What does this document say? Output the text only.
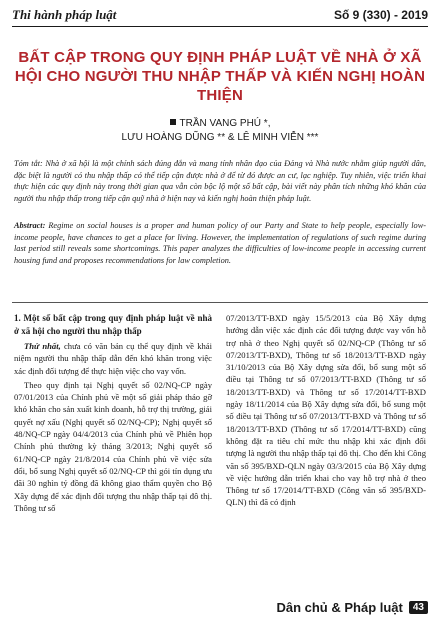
Thi hành pháp luật	Số 9 (330) - 2019
BẤT CẬP TRONG QUY ĐỊNH PHÁP LUẬT VỀ NHÀ Ở XÃ HỘI CHO NGƯỜI THU NHẬP THẤP VÀ KIẾN NGHỊ HOÀN THIỆN
TRẦN VANG PHÚ *,
LƯU HOÀNG DŨNG ** & LÊ MINH VIỄN ***
Tóm tắt: Nhà ở xã hội là một chính sách đúng đắn và mang tính nhân đạo của Đảng và Nhà nước nhằm giúp người dân, đặc biệt là người có thu nhập thấp có thể tiếp cận được nhà ở để từ đó được an cư, lạc nghiệp. Tuy nhiên, việc triển khai thực hiện các quy định này trong thời gian qua vẫn còn bộc lộ một số bất cập, bài viết này phân tích những khó khăn của người thu nhập thấp trong tiếp cận quỹ nhà ở hiện nay và kiến nghị hoàn thiện pháp luật.
Abstract: Regime on social houses is a proper and human policy of our Party and State to help people, especially low-income people, have chances to get a place for living. However, the implementation of regulations of such regime during last period still reveals some shortcomings. This paper analyzes the difficulties of low-income people in accessing current housing fund and proposes recommendations for law completion.
1. Một số bất cập trong quy định pháp luật về nhà ở xã hội cho người thu nhập thấp

Thứ nhất, chưa có văn bản cụ thể quy định về khái niệm người thu nhập thấp dẫn đến khó khăn trong việc xác định đối tượng để thực hiện việc cho vay vốn.

Theo quy định tại Nghị quyết số 02/NQ-CP ngày 07/01/2013 của Chính phủ về một số giải pháp tháo gỡ khó khăn cho sản xuất kinh doanh, hỗ trợ thị trường, giải quyết nợ xấu (Nghị quyết số 02/NQ-CP); Nghị quyết số 48/NQ-CP ngày 04/4/2013 của Chính phủ về Phiên họp Chính phủ thường kỳ tháng 3/2013; Nghị quyết số 61/NQ-CP ngày 21/8/2014 của Chính phủ về việc sửa đổi, bổ sung Nghị quyết số 02/NQ-CP thì gói tín dụng ưu đãi 30 nghìn tỷ đồng đã không giao thẩm quyền cho Bộ Xây dựng để xác định đối tượng thu nhập thấp tại đô thị. Thông tư số

07/2013/TT-BXD ngày 15/5/2013 của Bộ Xây dựng hướng dẫn việc xác định các đối tượng được vay vốn hỗ trợ nhà ở theo Nghị quyết số 02/NQ-CP (Thông tư số 07/2013/TT-BXD), Thông tư số 18/2013/TT-BXD ngày 31/10/2013 của Bộ Xây dựng sửa đổi, bổ sung một số điều tại Thông tư số 07/2013/TT-BXD (Thông tư số 18/2013/TT-BXD) và Thông tư số 17/2014/TT-BXD ngày 18/11/2014 của Bộ Xây dựng sửa đổi, bổ sung một số điều tại Thông tư số 07/2013/TT-BXD và Thông tư số 18/2013/TT-BXD (Thông tư số 17/2014/TT-BXD) cũng không đặt ra tiêu chí mức thu nhập khi xác định đối tượng là người thu nhập thấp tại đô thị. Cho đến khi Công văn số 395/BXD-QLN ngày 03/3/2015 của Bộ Xây dựng về việc hướng dẫn triển khai cho vay hỗ trợ nhà ở theo Thông tư số 17/2014/TT-BXD (Công văn số 395/BXD-QLN) thì đã có định

Dân chủ & Pháp luật	43
